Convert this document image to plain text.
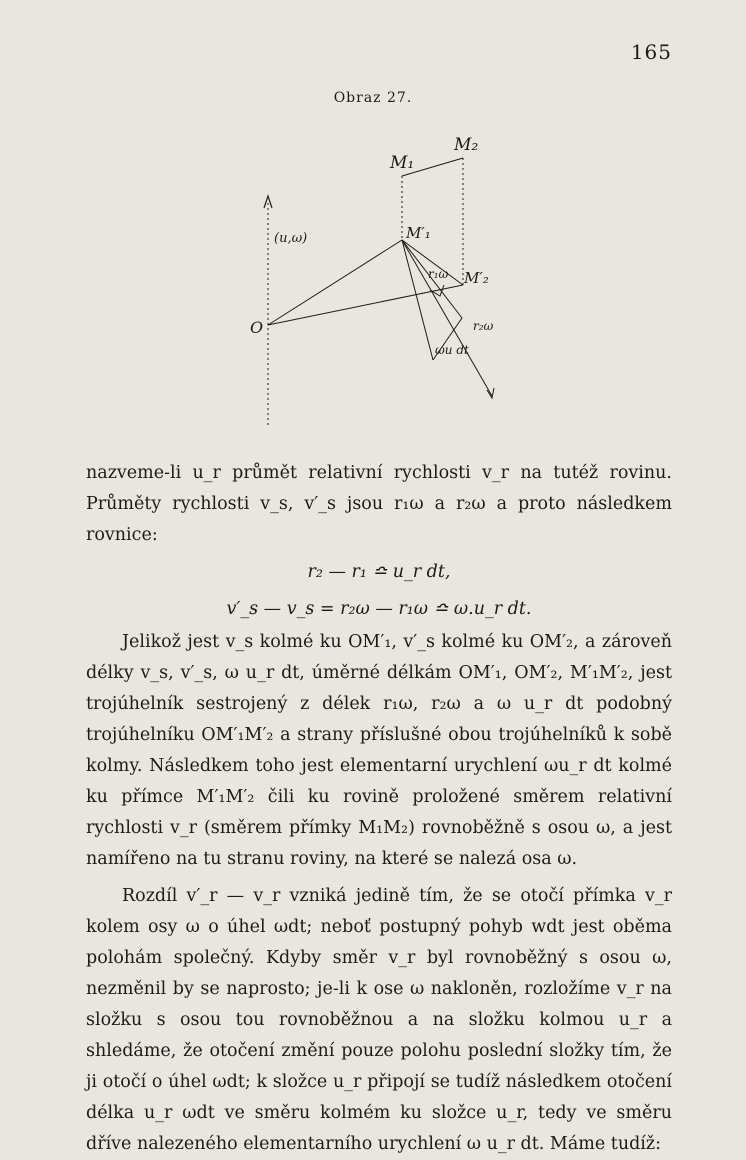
165
Obraz 27.
O
M₁
M₂
M′₁
M′₂
(u,ω)
r₁ω
r₂ω
ωu dt

nazveme-li u_r průmět relativní rychlosti v_r na tutéž rovinu. Průměty rychlosti v_s, v′_s jsou r₁ω a r₂ω a proto následkem rovnice:

r₂ — r₁ ≏ u_r dt,
v′_s — v_s = r₂ω — r₁ω ≏ ω.u_r dt.

Jelikož jest v_s kolmé ku OM′₁, v′_s kolmé ku OM′₂, a zároveň délky v_s, v′_s, ω u_r dt, úměrné délkám OM′₁, OM′₂, M′₁M′₂, jest trojúhelník sestrojený z délek r₁ω, r₂ω a ω u_r dt podobný trojúhelníku OM′₁M′₂ a strany příslušné obou trojúhelníků k sobě kolmy. Následkem toho jest elementarní urychlení ωu_r dt kolmé ku přímce M′₁M′₂ čili ku rovině proložené směrem relativní rychlosti v_r (směrem přímky M₁M₂) rovnoběžně s osou ω, a jest namířeno na tu stranu roviny, na které se nalezá osa ω.

Rozdíl v′_r — v_r vzniká jedině tím, že se otočí přímka v_r kolem osy ω o úhel ωdt; neboť postupný pohyb wdt jest oběma polohám společný. Kdyby směr v_r byl rovnoběžný s osou ω, nezměnil by se naprosto; je-li k ose ω nakloněn, rozložíme v_r na složku s osou tou rovnoběžnou a na složku kolmou u_r a shledáme, že otočení změní pouze polohu poslední složky tím, že ji otočí o úhel ωdt; k složce u_r připojí se tudíž následkem otočení délka u_r ωdt ve směru kolmém ku složce u_r, tedy ve směru dříve nalezeného elementarního urychlení ω u_r dt. Máme tudíž:
